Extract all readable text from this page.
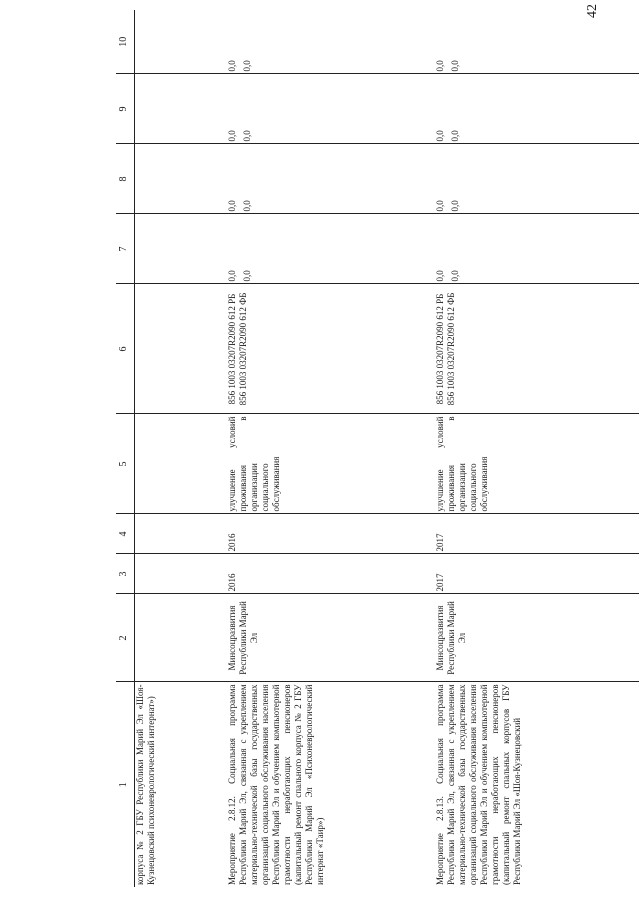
42
1	2	3	4	5	6	7	8	9	10
корпуса № 2 ГБУ Республики Марий Эл «Шоя-Кузнецовский психоневрологический интернат»)									
Мероприятие 2.8.12. Социальная программа Республики Марий Эл, связанная с укреплением материально-технической базы государственных организаций социального обслуживания населения Республики Марий Эл и обучением компьютерной грамотности неработающих пенсионеров (капитальный ремонт спального корпуса № 2 ГБУ Республики Марий Эл «Психоневрологический интернат «Таир»)	Минсоцразвития Республики Марий Эл	2016	2016	улучшение условий проживания в организации социального обслуживания	856 1003 03207R2090 612 РБ 856 1003 03207R2090 612 ФБ	0,0 0,0	0,0 0,0	0,0 0,0	0,0 0,0

Мероприятие 2.8.13. Социальная программа Республики Марий Эл, связанная с укреплением материально-технической базы государственных организаций социального обслуживания населения Республики Марий Эл и обучением компьютерной грамотности неработающих пенсионеров (капитальный ремонт спальных корпусов ГБУ Республики Марий Эл «Шоя-Кузнецовский	Минсоцразвития Республики Марий Эл	2017	2017	улучшение условий проживания в организации социального обслуживания	856 1003 03207R2090 612 РБ 856 1003 03207R2090 612 ФБ	0,0 0,0	0,0 0,0	0,0 0,0	0,0 0,0
